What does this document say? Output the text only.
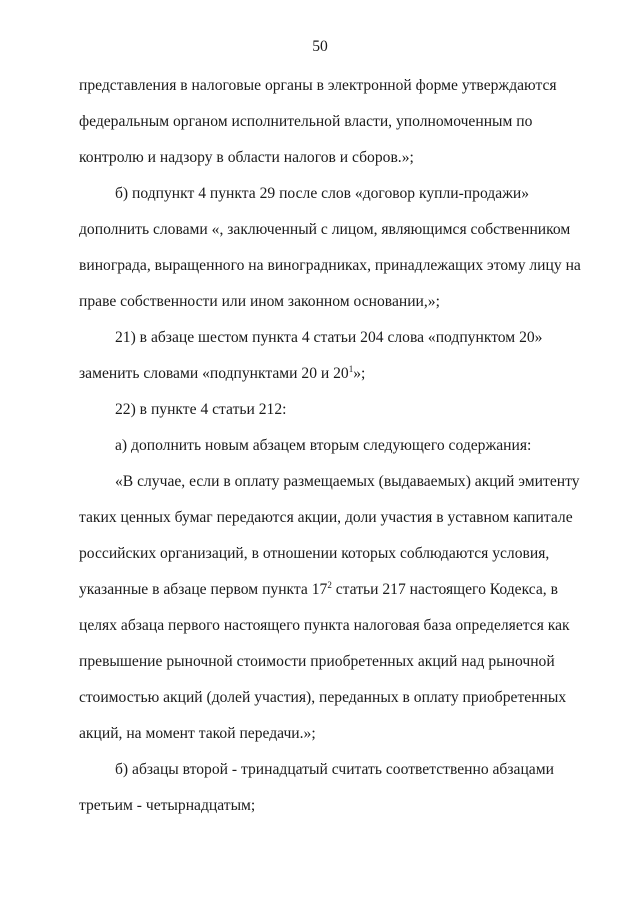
50
представления в налоговые органы в электронной форме утверждаются
федеральным органом исполнительной власти, уполномоченным по
контролю и надзору в области налогов и сборов.»;
б) подпункт 4 пункта 29 после слов «договор купли-продажи»
дополнить словами «, заключенный с лицом, являющимся собственником
винограда, выращенного на виноградниках, принадлежащих этому лицу на
праве собственности или ином законном основании,»;
21) в абзаце шестом пункта 4 статьи 204 слова «подпунктом 20»
заменить словами «подпунктами 20 и $20^1$»;
22) в пункте 4 статьи 212:
а) дополнить новым абзацем вторым следующего содержания:
«В случае, если в оплату размещаемых (выдаваемых) акций эмитенту
таких ценных бумаг передаются акции, доли участия в уставном капитале
российских организаций, в отношении которых соблюдаются условия,
указанные в абзаце первом пункта $17^2$ статьи 217 настоящего Кодекса, в
целях абзаца первого настоящего пункта налоговая база определяется как
превышение рыночной стоимости приобретенных акций над рыночной
стоимостью акций (долей участия), переданных в оплату приобретенных
акций, на момент такой передачи.»;
б) абзацы второй - тринадцатый считать соответственно абзацами
третьим - четырнадцатым;
